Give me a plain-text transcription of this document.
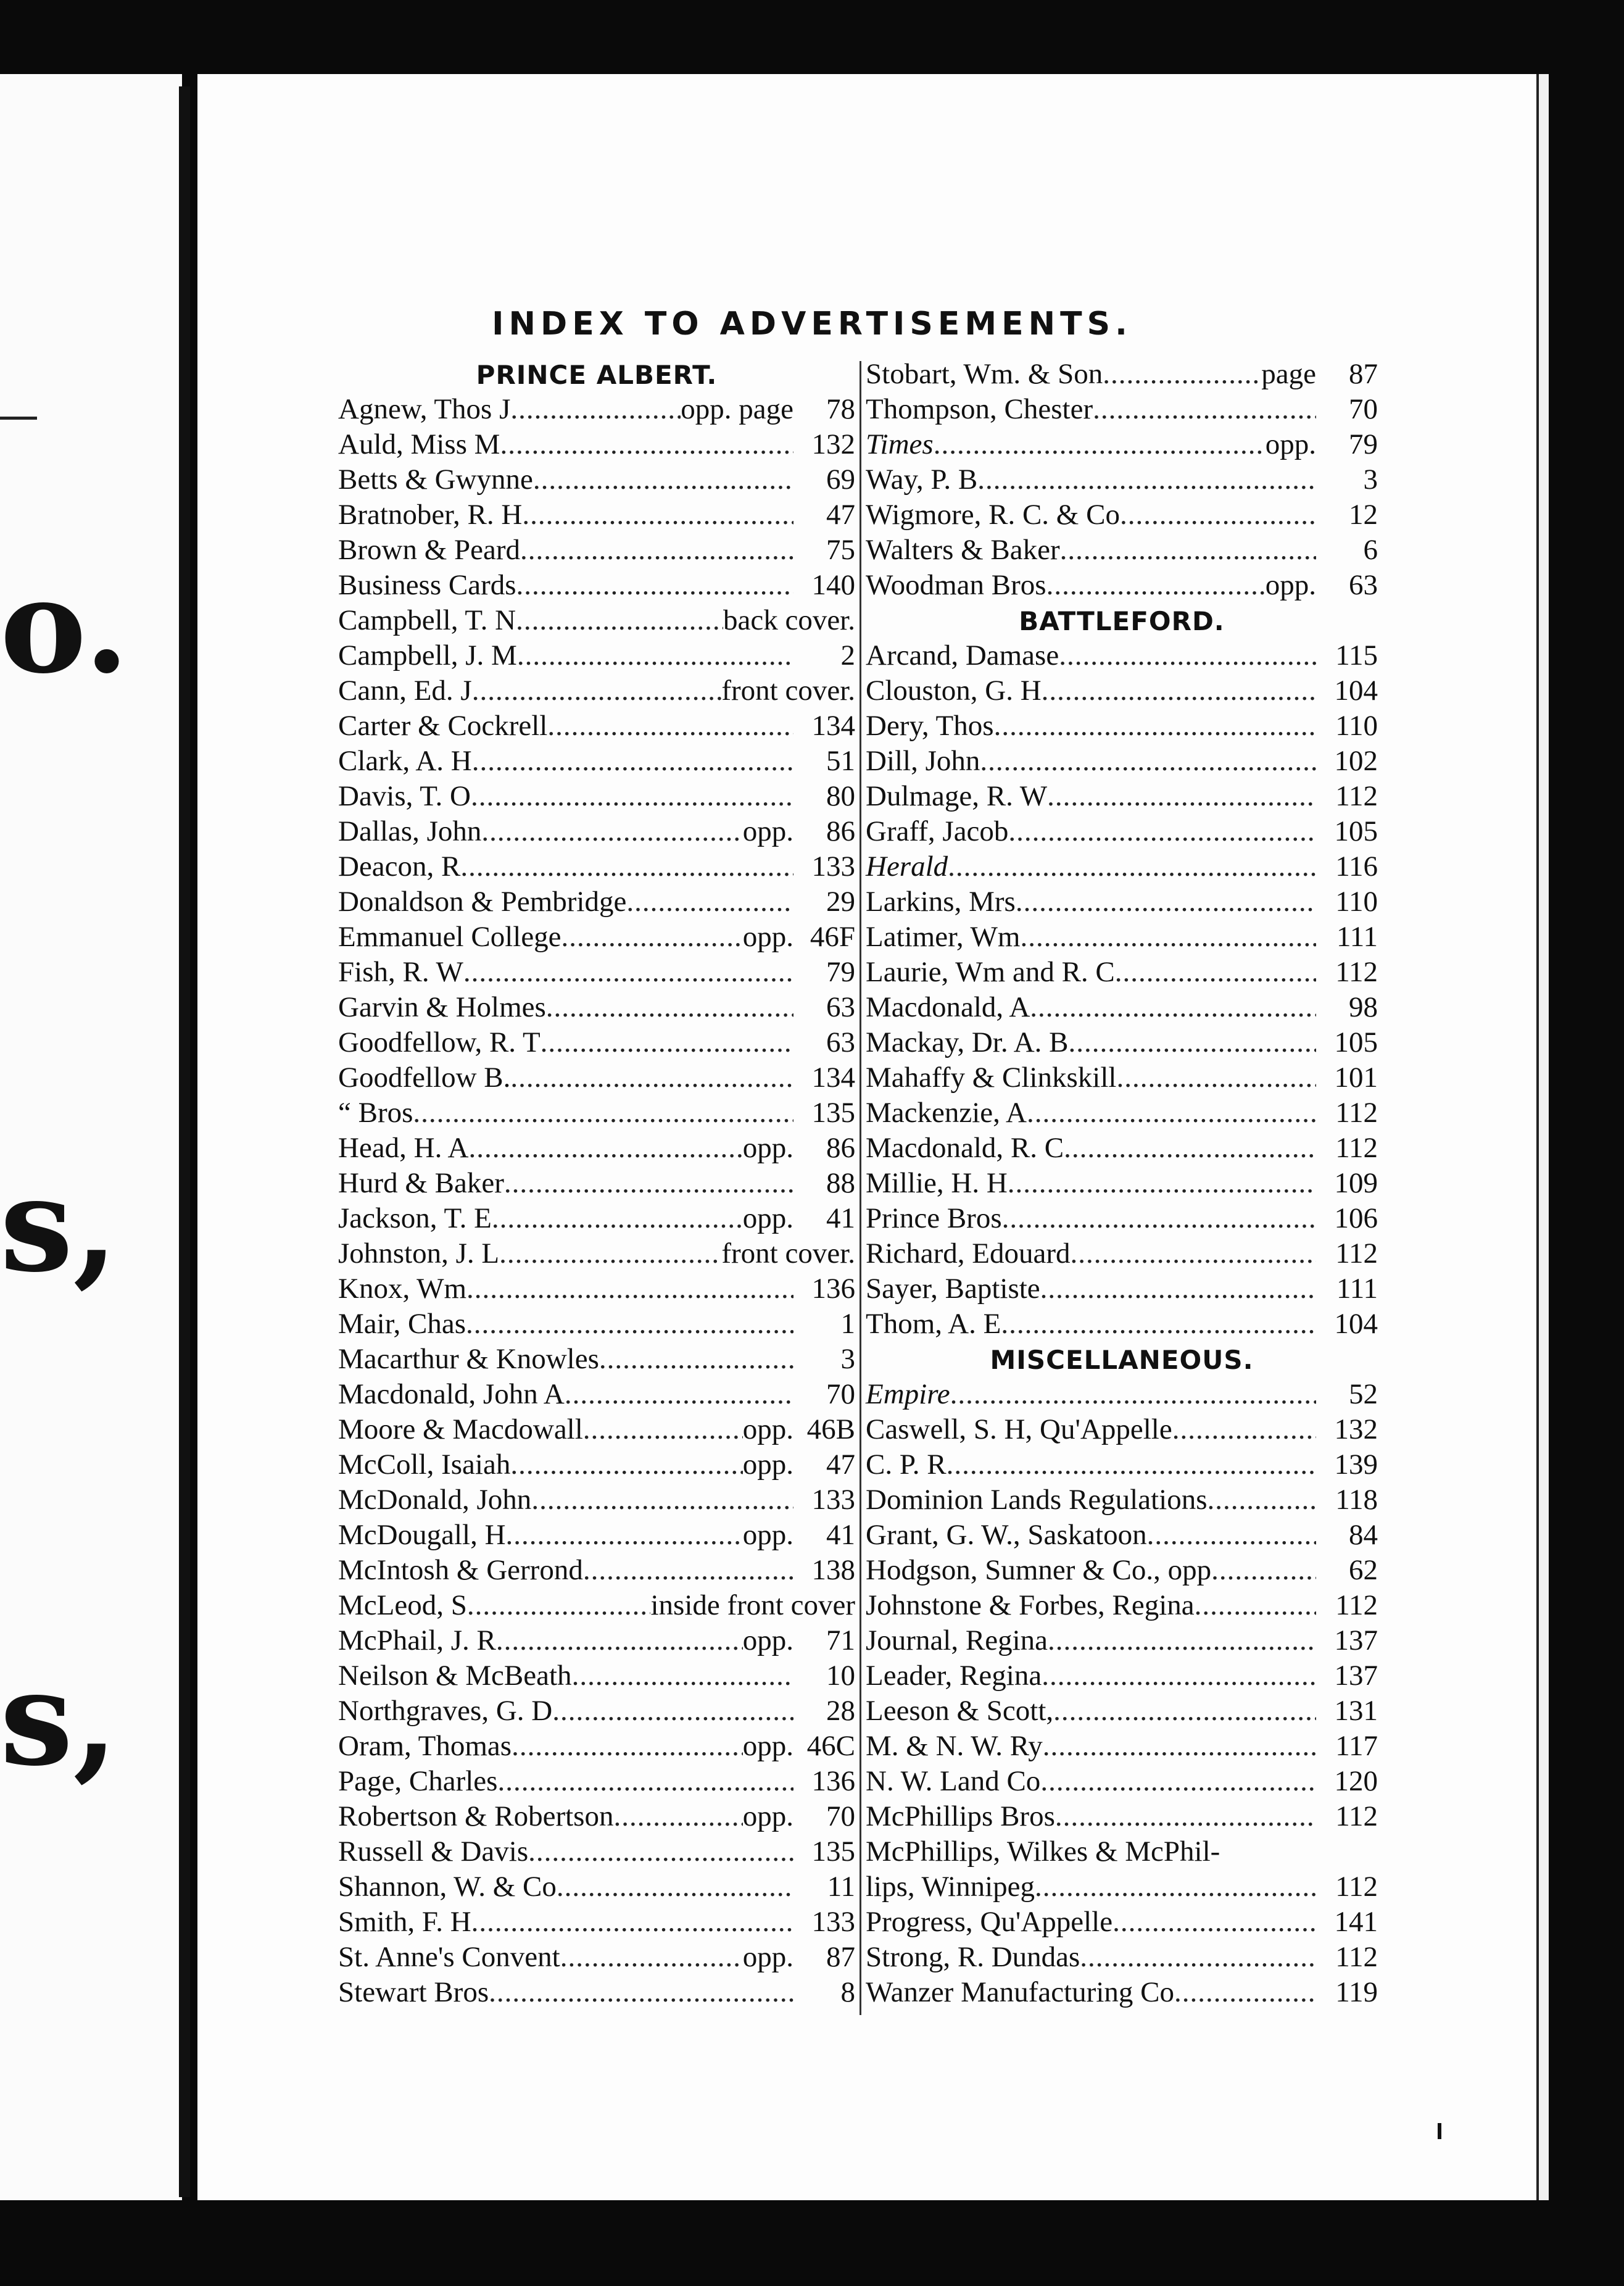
o.
s,
s,
INDEX TO ADVERTISEMENTS.
PRINCE ALBERT.
Agnew, Thos J .....	opp. page	78
Auld, Miss M .....	132
Betts & Gwynne .....	69
Bratnober, R. H .....	47
Brown & Peard .....	75
Business Cards .....	140
Campbell, T. N .....	back cover.
Campbell, J. M .....	2
Cann, Ed. J .....	front cover.
Carter & Cockrell .....	134
Clark, A. H .....	51
Davis, T. O .....	80
Dallas, John .....	opp.	86
Deacon, R .....	133
Donaldson & Pembridge .....	29
Emmanuel College .....	opp. 46F
Fish, R. W .....	79
Garvin & Holmes .....	63
Goodfellow, R. T .....	63
Goodfellow B. .....	134
“ Bros .....	135
Head, H. A .....	opp.	86
Hurd & Baker .....	88
Jackson, T. E .....	opp.	41
Johnston, J. L .....	front cover.
Knox, Wm .....	136
Mair, Chas .....	1
Macarthur & Knowles .....	3
Macdonald, John A .....	70
Moore & Macdowall .....	opp. 46B
McColl, Isaiah .....	opp.	47
McDonald, John .....	133
McDougall, H .....	opp.	41
McIntosh & Gerrond .....	138
McLeod, S .....	inside front cover
McPhail, J. R .....	opp.	71
Neilson & McBeath .....	10
Northgraves, G. D .....	28
Oram, Thomas .....	opp. 46C
Page, Charles .....	136
Robertson & Robertson .....	opp.	70
Russell & Davis .....	135
Shannon, W. & Co .....	11
Smith, F. H .....	133
St. Anne's Convent .....	opp.	87
Stewart Bros .....	8
Stobart, Wm. & Son .....	page	87
Thompson, Chester .....	70
Times .....	opp.	79
Way, P. B .....	3
Wigmore, R. C. & Co .....	12
Walters & Baker .....	6
Woodman Bros .....	opp.	63
BATTLEFORD.
Arcand, Damase .....	115
Clouston, G. H .....	104
Dery, Thos .....	110
Dill, John .....	102
Dulmage, R. W .....	112
Graff, Jacob .....	105
Herald .....	116
Larkins, Mrs .....	110
Latimer, Wm .....	111
Laurie, Wm and R. C .....	112
Macdonald, A .....	98
Mackay, Dr. A. B .....	105
Mahaffy & Clinkskill .....	101
Mackenzie, A .....	112
Macdonald, R. C .....	112
Millie, H. H .....	109
Prince Bros .....	106
Richard, Edouard .....	112
Sayer, Baptiste .....	111
Thom, A. E .....	104
MISCELLANEOUS.
Empire .....	52
Caswell, S. H, Qu'Appelle .....	132
C. P. R .....	139
Dominion Lands Regulations .....	118
Grant, G. W., Saskatoon .....	84
Hodgson, Sumner & Co., opp .....	62
Johnstone & Forbes, Regina .....	112
Journal, Regina .....	137
Leader, Regina .....	137
Leeson & Scott, .....	131
M. & N. W. Ry .....	117
N. W. Land Co .....	120
McPhillips Bros .....	112
McPhillips, Wilkes & McPhil-
lips, Winnipeg .....	112
Progress, Qu'Appelle .....	141
Strong, R. Dundas .....	112
Wanzer Manufacturing Co .....	119
